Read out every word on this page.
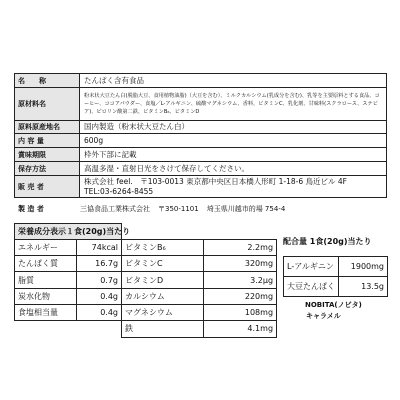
名　　称	たんぱく含有食品
原材料名	粉末状大豆たん白(脱脂大豆、食用植物油脂)（大豆を含む）、ミルクカルシウム(乳成分を含む)、乳等を主要原料とする食品、コーヒー、ココアパウダー、食塩／L-アルギニン、硫酸マグネシウム、香料、ビタミンC、乳化剤、甘味料(スクラロース、ステビア)、ピロリン酸第二鉄、ビタミンB₆、ビタミンD
原料原産地名	国内製造（粉末状大豆たん白）
内 容 量	600g
賞味期限	枠外下部に記載
保存方法	高温多湿・直射日光をさけて保存してください。
販 売 者	株式会社 feel.　〒103-0013 東京都中央区日本橋人形町 1-18-6 鳥近ビル 4F
TEL:03-6264-8455
製 造 者	三協食品工業株式会社 〒350-1101 埼玉県川越市的場 754-4
栄養成分表示１食(20g)当たり			
エネルギー	74kcal	ビタミンB₆	2.2mg
たんぱく質	16.7g	ビタミンC	320mg
脂質	0.7g	ビタミンD	3.2μg
炭水化物	0.4g	カルシウム	220mg
食塩相当量	0.4g	マグネシウム	108mg
		鉄	4.1mg
配合量 1食(20g)当たり
L-アルギニン	1900mg
大豆たんぱく	13.5g
NOBITA(ノビタ)
キャラメル
